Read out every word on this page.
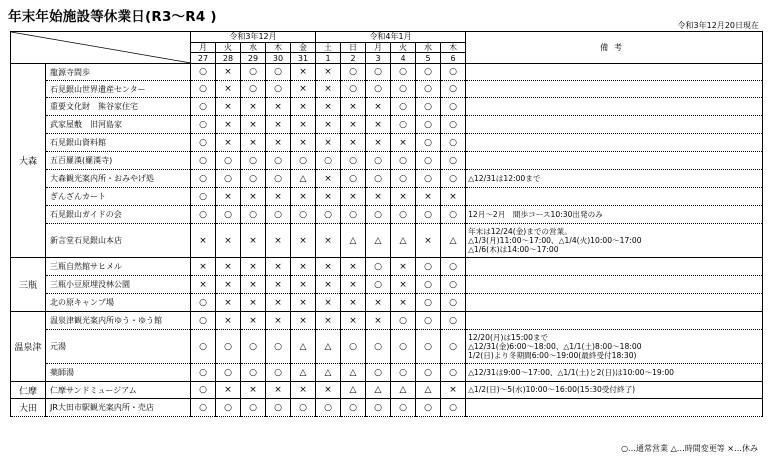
年末年始施設等休業日(R3～R4 )
令和3年12月20日現在
	令和3年12月					令和4年1月						備考
		月	火	水	木	金	土	日	月	火	水	木	
		27	28	29	30	31	1	2	3	4	5	6	
大森	龍源寺間歩	○	×	○	○	×	×	○	○	○	○	○	
	石見銀山世界遺産センター	○	×	○	○	×	×	○	○	○	○	○	
	重要文化財　熊谷家住宅	○	×	×	×	×	×	×	×	○	○	○	
	武家屋敷　旧河島家	○	×	×	×	×	×	×	×	○	○	○	
	石見銀山資料館	○	×	×	×	×	×	×	×	×	○	○	
	五百羅漢(羅漢寺)	○	○	○	○	○	○	○	○	○	○	○	
	大森観光案内所・おみやげ処	○	○	○	○	△	×	○	○	○	○	○	△12/31は12:00まで

	ぎんざんカート	○	×	×	×	×	×	×	×	×	×	×	
	石見銀山ガイドの会	○	○	○	○	○	○	○	○	○	○	○	12月～2月　間歩コース10:30出発のみ

	新言堂石見銀山本店	×	×	×	×	×	×	△	△	△	×	△	年末は12/24(金)までの営業。
△1/3(月)11:00～17:00、△1/4(火)10:00～17:00
△1/6(木)は14:00～17:00

三瓶	三瓶自然館サヒメル	×	×	×	×	×	×	×	○	×	○	○	
	三瓶小豆原埋没林公園	×	×	×	×	×	×	×	○	×	○	○	
	北の原キャンプ場	○	×	×	×	×	×	×	×	×	○	○	
温泉津	温泉津観光案内所ゆう・ゆう館	○	×	×	×	×	×	×	×	○	○	○	
	元湯	○	○	○	○	△	△	○	○	○	○	○	12/20(月)は15:00まで
△12/31(金)6:00～18:00、△1/1(土)8:00～18:00
1/2(日)より冬期間6:00～19:00(最終受付18:30)

	薬師湯	○	○	○	○	△	△	△	○	○	○	○	△12/31は9:00～17:00、△1/1(土)と2(日)は10:00～19:00

仁摩	仁摩サンドミュージアム	○	×	×	×	×	×	△	△	△	△	×	△1/2(日)～5(水)10:00～16:00(15:30受付終了)

大田	JR大田市駅観光案内所・売店	○	○	○	○	○	○	○	○	○	○	○	
○…通常営業 △…時間変更等 ×…休み
